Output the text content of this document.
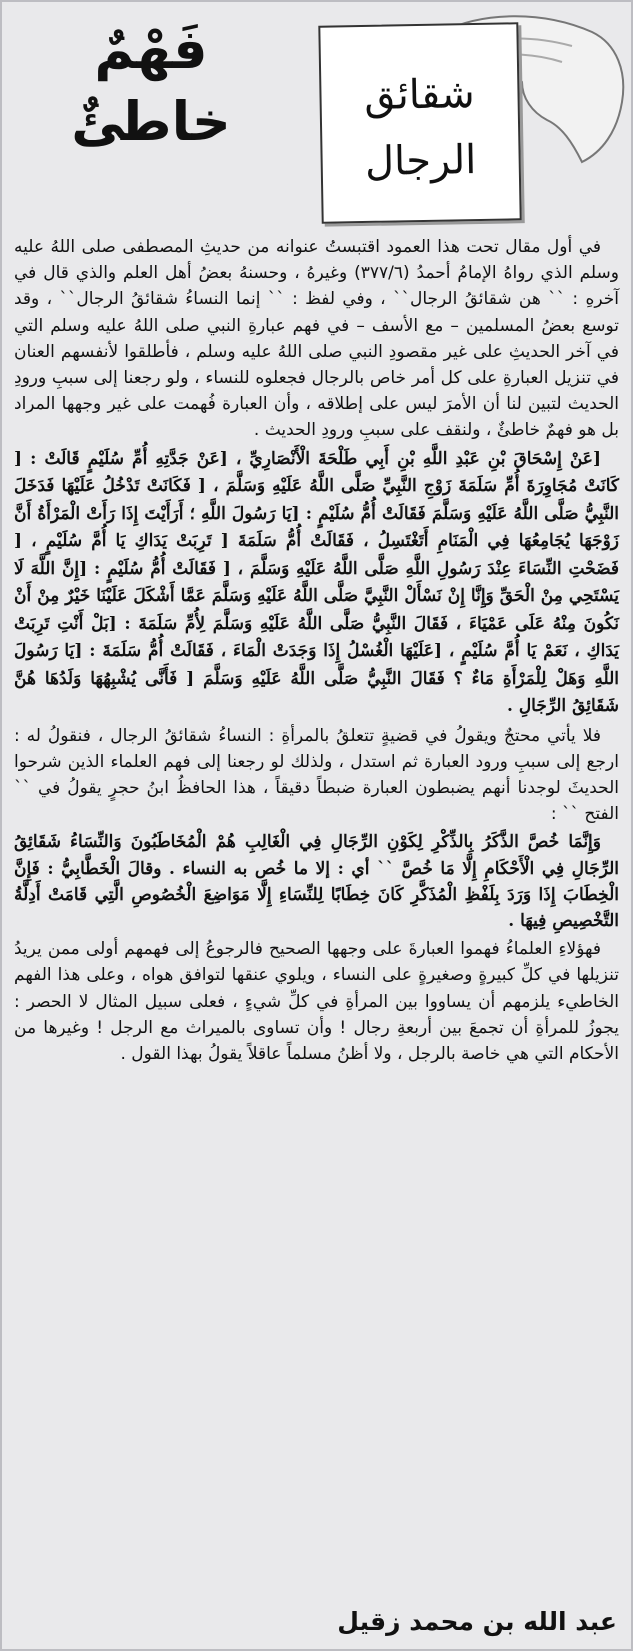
فَهْمٌ
خاطئٌ	شقائق
الرجال

في أول مقال تحت هذا العمود اقتبستُ عنوانه من حديثِ المصطفى صلى اللهُ عليه وسلم الذي رواهُ الإمامُ أحمدُ (٣٧٧/٦) وغيرهُ ، وحسنهُ بعضُ أهل العلم والذي قال في آخرهِ : `` هن شقائقُ الرجال`` ، وفي لفظ : `` إنما النساءُ شقائقُ الرجال`` ، وقد توسع بعضُ المسلمين – مع الأسف – في فهم عبارةِ النبي صلى اللهُ عليه وسلم التي في آخر الحديثِ على غير مقصودِ النبي صلى اللهُ عليه وسلم ، فأطلقوا لأنفسهم العنان في تنزيل العبارةِ على كل أمر خاص بالرجال فجعلوه للنساء ، ولو رجعنا إلى سببِ ورودِ الحديث لتبين لنا أن الأمرَ ليس على إطلاقه ، وأن العبارة فُهمت على غير وجهها المراد بل هو فهمٌ خاطئٌ ، ولنقف على سببِ ورودِ الحديث .

[عَنْ إِسْحَاقَ بْنِ عَبْدِ اللَّهِ بْنِ أَبِي طَلْحَةَ الْأَنْصَارِيِّ ، [عَنْ جَدَّتِهِ أُمِّ سُلَيْمٍ قَالَتْ : [ كَانَتْ مُجَاوِرَةَ أُمِّ سَلَمَةَ زَوْجِ النَّبِيِّ صَلَّى اللَّهُ عَلَيْهِ وَسَلَّمَ ، [ فَكَانَتْ تَدْخُلُ عَلَيْهَا فَدَخَلَ النَّبِيُّ صَلَّى اللَّهُ عَلَيْهِ وَسَلَّمَ فَقَالَتْ أُمُّ سُلَيْمٍ : [يَا رَسُولَ اللَّهِ ؛ أَرَأَيْتَ إِذَا رَأَتْ الْمَرْأَةُ أَنَّ زَوْجَهَا يُجَامِعُهَا فِي الْمَنَامِ أَتَغْتَسِلُ ، فَقَالَتْ أُمُّ سَلَمَةَ [ تَرِبَتْ يَدَاكِ يَا أُمَّ سُلَيْمٍ ، [ فَضَحْتِ النِّسَاءَ عِنْدَ رَسُولِ اللَّهِ صَلَّى اللَّهُ عَلَيْهِ وَسَلَّمَ ، [ فَقَالَتْ أُمُّ سُلَيْمٍ : [إِنَّ اللَّهَ لَا يَسْتَحِي مِنْ الْحَقِّ وَإِنَّا إِنْ نَسْأَلْ النَّبِيَّ صَلَّى اللَّهُ عَلَيْهِ وَسَلَّمَ عَمَّا أَشْكَلَ عَلَيْنَا خَيْرٌ مِنْ أَنْ نَكُونَ مِنْهُ عَلَى عَمْيَاءَ ، فَقَالَ النَّبِيُّ صَلَّى اللَّهُ عَلَيْهِ وَسَلَّمَ لِأُمِّ سَلَمَةَ : [بَلْ أَنْتِ تَرِبَتْ يَدَاكِ ، نَعَمْ يَا أُمَّ سُلَيْمٍ ، [عَلَيْهَا الْغُسْلُ إِذَا وَجَدَتْ الْمَاءَ ، فَقَالَتْ أُمُّ سَلَمَةَ : [يَا رَسُولَ اللَّهِ وَهَلْ لِلْمَرْأَةِ مَاءٌ ؟ فَقَالَ النَّبِيُّ صَلَّى اللَّهُ عَلَيْهِ وَسَلَّمَ [ فَأَنَّى يُشْبِهُهَا وَلَدُهَا هُنَّ شَقَائِقُ الرِّجَالِ .

فلا يأتي محتجٌ ويقولُ في قضيةٍ تتعلقُ بالمرأةِ : النساءُ شقائقُ الرجال ، فنقولُ له : ارجع إلى سببِ ورود العبارة ثم استدل ، ولذلك لو رجعنا إلى فهم العلماء الذين شرحوا الحديثَ لوجدنا أنهم يضبطون العبارة ضبطاً دقيقاً ، هذا الحافظُ ابنُ حجرٍ يقولُ في `` الفتح `` :

وَإِنَّمَا خُصَّ الذَّكَرُ بِالذِّكْرِ لِكَوْنِ الرِّجَالِ فِي الْغَالِبِ هُمْ الْمُخَاطَبُونَ وَالنِّسَاءُ شَقَائِقُ الرِّجَالِ فِي الْأَحْكَامِ إِلَّا مَا خُصَّ `` أي : إلا ما خُص به النساء . وقالَ الْخَطَّابِيُّ : فَإِنَّ الْخِطَابَ إِذَا وَرَدَ بِلَفْظِ الْمُذَكَّرِ كَانَ خِطَابًا لِلنِّسَاءِ إِلَّا مَوَاضِعَ الْخُصُوصِ الَّتِي قَامَتْ أَدِلَّةُ التَّخْصِيصِ فِيهَا .

فهؤلاءِ العلماءُ فهموا العبارةَ على وجهها الصحيح فالرجوعُ إلى فهمهم أولى ممن يريدُ تنزيلها في كلِّ كبيرةٍ وصغيرةٍ على النساء ، ويلوي عنقها لتوافق هواه ، وعلى هذا الفهم الخاطيء يلزمهم أن يساووا بين المرأةِ في كلِّ شيءٍ ، فعلى سبيل المثال لا الحصر : يجوزُ للمرأةِ أن تجمعَ بين أربعةِ رجال ! وأن تساوى بالميراث مع الرجل ! وغيرها من الأحكام التي هي خاصة بالرجل ، ولا أظنُ مسلماً عاقلاً يقولُ بهذا القول .

عبد الله بن محمد زقيل
